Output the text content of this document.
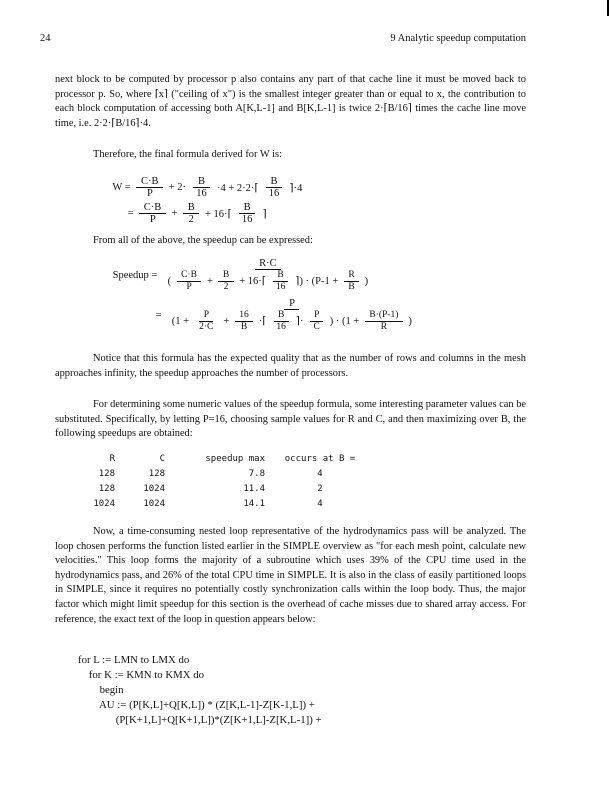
24	9 Analytic speedup computation
next block to be computed by processor p also contains any part of that cache line it must be moved back to processor p. So, where ⌈x⌉ ("ceiling of x") is the smallest integer greater than or equal to x, the contribution to each block computation of accessing both A[K,L-1] and B[K,L-1] is twice 2·⌈B/16⌉ times the cache line move time, i.e. 2·2·⌈B/16⌉·4.
Therefore, the final formula derived for W is:
$W = \frac{C\cdot B}{P} + 2\cdot \frac{B}{16} \cdot 4$ + 2·2·⌈ $\frac{B}{16}$ ⌉·4
= $\frac{C\cdot B}{P} + \frac{B}{2}$ + 16·⌈ $\frac{B}{16}$ ⌉
From all of the above, the speedup can be expressed:
Speedup = $\frac{R\cdot C}{( \frac{C\cdot B}{P} + \frac{B}{2} + 16\cdot⌈ \frac{B}{16} ⌉) \cdot (P-1 + \frac{R}{B} )}$
=
P
($1 + \frac{P}{2\cdot C} + \frac{16}{B}$ ·⌈ $\frac{B}{16}$ ⌉· $\frac{P}{C}$ ) · ($1 + \frac{B\cdot(P-1)}{R}$ )
Notice that this formula has the expected quality that as the number of rows and columns in the mesh approaches infinity, the speedup approaches the number of processors.
For determining some numeric values of the speedup formula, some interesting parameter values can be substituted. Specifically, by letting P=16, choosing sample values for R and C, and then maximizing over B, the following speedups are obtained:
R	C	speedup max	occurs at B =
128	128	7.8	4
128	1024	11.4	2
1024	1024	14.1	4
Now, a time-consuming nested loop representative of the hydrodynamics pass will be analyzed. The loop chosen performs the function listed earlier in the SIMPLE overview as "for each mesh point, calculate new velocities." This loop forms the majority of a subroutine which uses 39% of the CPU time used in the hydrodynamics pass, and 26% of the total CPU time in SIMPLE. It is also in the class of easily partitioned loops in SIMPLE, since it requires no potentially costly synchronization calls within the loop body. Thus, the major factor which might limit speedup for this section is the overhead of cache misses due to shared array access. For reference, the exact text of the loop in question appears below:
for L := LMN to LMX do
for K := KMN to KMX do
begin
AU := (P[K,L]+Q[K,L]) * (Z[K,L-1]-Z[K-1,L]) +
(P[K+1,L]+Q[K+1,L])*(Z[K+1,L]-Z[K,L-1]) +
